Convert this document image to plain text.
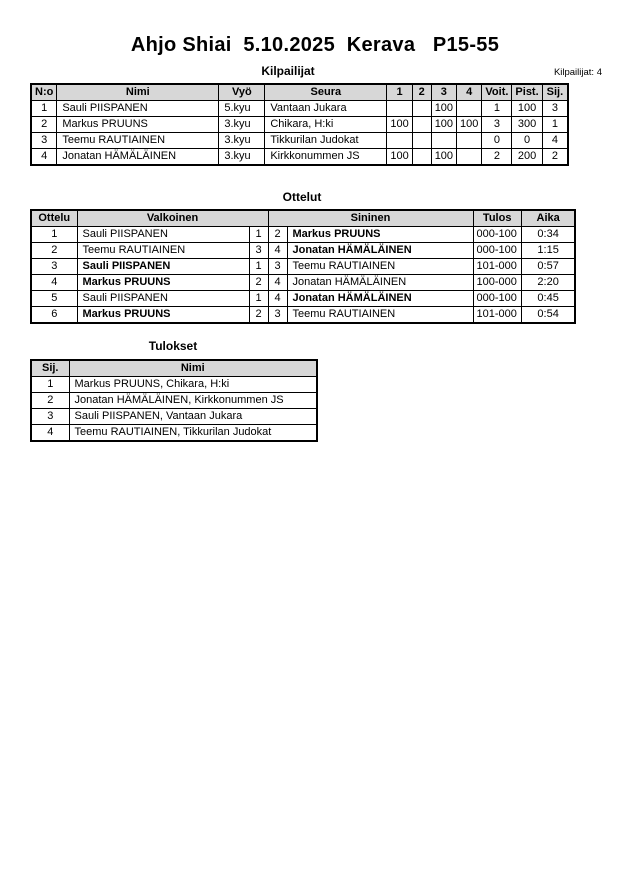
Ahjo Shiai  5.10.2025  Kerava   P15-55
Kilpailijat	Kilpailijat: 4
N:o	Nimi	Vyö	Seura	1	2	3	4	Voit.	Pist.	Sij.
1	Sauli PIISPANEN	5.kyu	Vantaan Jukara			100		1	100	3
2	Markus PRUUNS	3.kyu	Chikara, H:ki	100		100	100	3	300	1
3	Teemu RAUTIAINEN	3.kyu	Tikkurilan Judokat					0	0	4
4	Jonatan HÄMÄLÄINEN	3.kyu	Kirkkonummen JS	100		100		2	200	2
Ottelut
Ottelu	Valkoinen		Sininen		Tulos	Aika
1	Sauli PIISPANEN	1	2	Markus PRUUNS	000-100	0:34
2	Teemu RAUTIAINEN	3	4	Jonatan HÄMÄLÄINEN	000-100	1:15
3	Sauli PIISPANEN	1	3	Teemu RAUTIAINEN	101-000	0:57
4	Markus PRUUNS	2	4	Jonatan HÄMÄLÄINEN	100-000	2:20
5	Sauli PIISPANEN	1	4	Jonatan HÄMÄLÄINEN	000-100	0:45
6	Markus PRUUNS	2	3	Teemu RAUTIAINEN	101-000	0:54
Tulokset
Sij.	Nimi
1	Markus PRUUNS, Chikara, H:ki
2	Jonatan HÄMÄLÄINEN, Kirkkonummen JS
3	Sauli PIISPANEN, Vantaan Jukara
4	Teemu RAUTIAINEN, Tikkurilan Judokat
